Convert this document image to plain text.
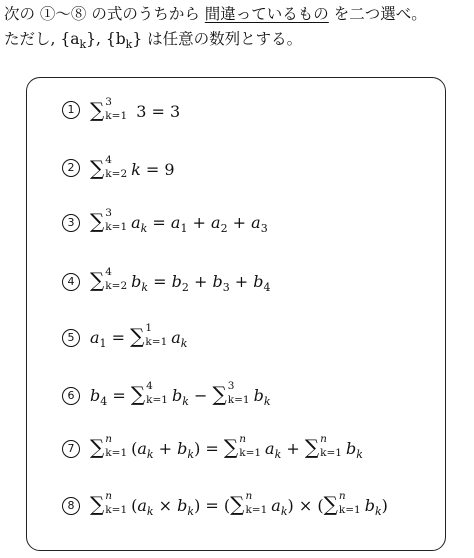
次の ①〜⑧ の式のうちから 間違っているもの を二つ選べ。
ただし, $\{a_k\}$, $\{b_k\}$ は任意の数列とする。
1 ∑ 3
k=1 3 = 3
2 ∑ 4
k=2 k = 9
3 ∑ 3
k=1 $a_k = a_1 + a_2 + a_3$
4 ∑ 4
k=2 $b_k = b_2 + b_3 + b_4$
5 $a_1$ = ∑ 1
k=1 $a_k$
6 $b_4$ = ∑ 4
k=1 $b_k$ − ∑ 3
k=1 $b_k$
7 ∑ n
k=1 $(a_k + b_k)$ = ∑ n
k=1 $a_k$ + ∑ n
k=1 $b_k$
8 ∑ n
k=1 $(a_k \times b_k)$ = ( ∑ n
k=1 $a_k$) × ( ∑ n
k=1 $b_k$)
